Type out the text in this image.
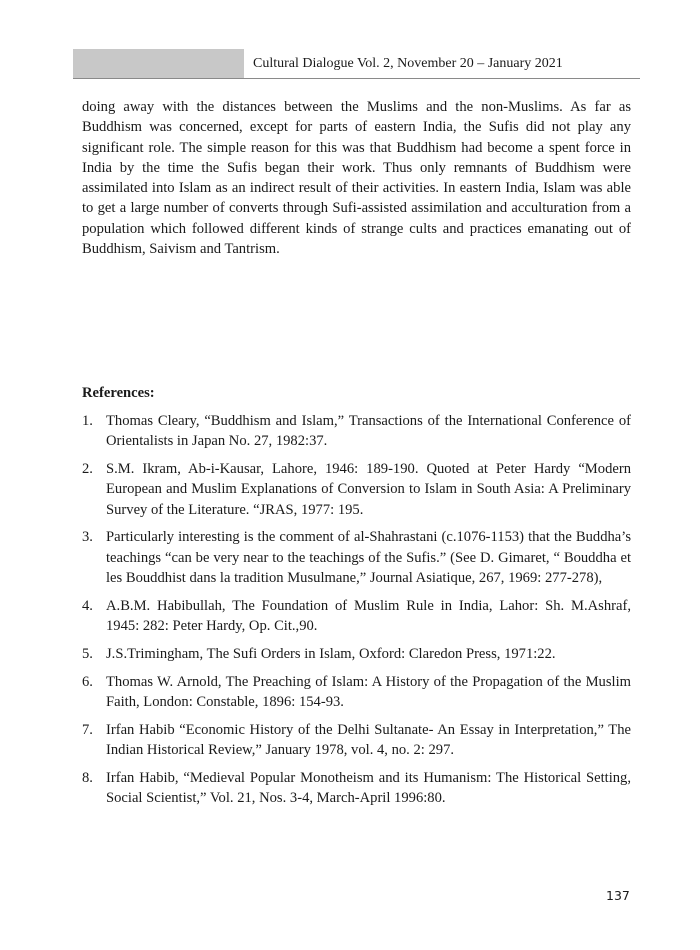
Cultural Dialogue Vol. 2, November 20 – January 2021

doing away with the distances between the Muslims and the non-Muslims. As far as Buddhism was concerned, except for parts of eastern India, the Sufis did not play any significant role. The simple reason for this was that Buddhism had become a spent force in India by the time the Sufis began their work. Thus only remnants of Buddhism were assimilated into Islam as an indirect result of their activities. In eastern India, Islam was able to get a large number of converts through Sufi-assisted assimilation and acculturation from a population which followed different kinds of strange cults and practices emanating out of Buddhism, Saivism and Tantrism.

References:
1. Thomas Cleary, “Buddhism and Islam,” Transactions of the International Conference of Orientalists in Japan No. 27, 1982:37.
2. S.M. Ikram, Ab-i-Kausar, Lahore, 1946: 189-190. Quoted at Peter Hardy “Modern European and Muslim Explanations of Conversion to Islam in South Asia: A Preliminary Survey of the Literature. “JRAS, 1977: 195.
3. Particularly interesting is the comment of al-Shahrastani (c.1076-1153) that the Buddha’s teachings “can be very near to the teachings of the Sufis.” (See D. Gimaret, “ Bouddha et les Bouddhist dans la tradition Musulmane,” Journal Asiatique, 267, 1969: 277-278),
4. A.B.M. Habibullah, The Foundation of Muslim Rule in India, Lahor: Sh. M.Ashraf, 1945: 282: Peter Hardy, Op. Cit.,90.
5. J.S.Trimingham, The Sufi Orders in Islam, Oxford: Claredon Press, 1971:22.
6. Thomas W. Arnold, The Preaching of Islam: A History of the Propagation of the Muslim Faith, London: Constable, 1896: 154-93.
7. Irfan Habib “Economic History of the Delhi Sultanate- An Essay in Interpretation,” The Indian Historical Review,” January 1978, vol. 4, no. 2: 297.
8. Irfan Habib, “Medieval Popular Monotheism and its Humanism: The Historical Setting, Social Scientist,” Vol. 21, Nos. 3-4, March-April 1996:80.
137
